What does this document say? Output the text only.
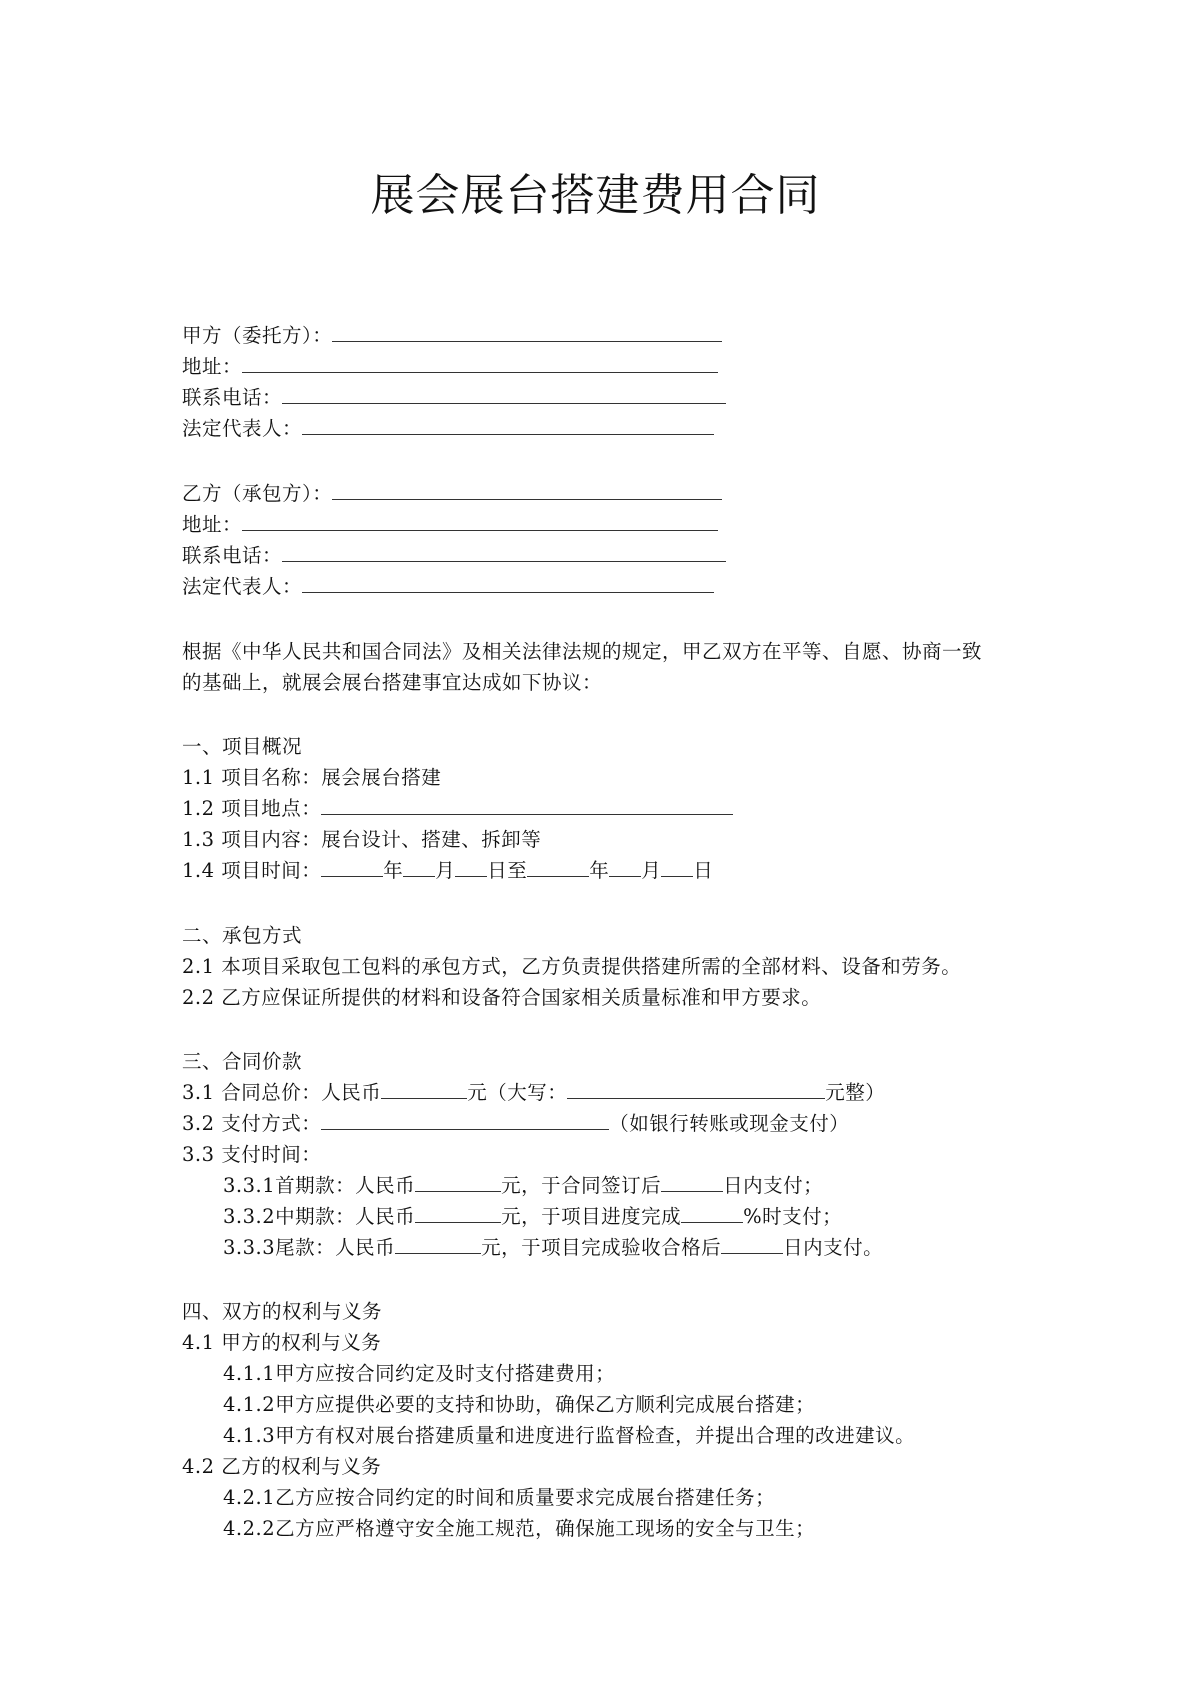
展会展台搭建费用合同
甲方（委托方）：
地址：
联系电话：
法定代表人：
乙方（承包方）：
地址：
联系电话：
法定代表人：
根据《中华人民共和国合同法》及相关法律法规的规定，甲乙双方在平等、自愿、协商一致
的基础上，就展会展台搭建事宜达成如下协议：
一、项目概况
1.1 项目名称：展会展台搭建
1.2 项目地点：
1.3 项目内容：展台设计、搭建、拆卸等
1.4 项目时间：	年 月 日至	年 月 日
二、承包方式
2.1 本项目采取包工包料的承包方式，乙方负责提供搭建所需的全部材料、设备和劳务。
2.2 乙方应保证所提供的材料和设备符合国家相关质量标准和甲方要求。
三、合同价款
3.1 合同总价：人民币	元（大写：	元整）
3.2 支付方式：	（如银行转账或现金支付）
3.3 支付时间：
3.3.1首期款：人民币	元，于合同签订后	日内支付；
3.3.2中期款：人民币	元，于项目进度完成	%时支付；
3.3.3尾款：人民币	元，于项目完成验收合格后	日内支付。
四、双方的权利与义务
4.1 甲方的权利与义务
4.1.1甲方应按合同约定及时支付搭建费用；
4.1.2甲方应提供必要的支持和协助，确保乙方顺利完成展台搭建；
4.1.3甲方有权对展台搭建质量和进度进行监督检查，并提出合理的改进建议。
4.2 乙方的权利与义务
4.2.1乙方应按合同约定的时间和质量要求完成展台搭建任务；
4.2.2乙方应严格遵守安全施工规范，确保施工现场的安全与卫生；
